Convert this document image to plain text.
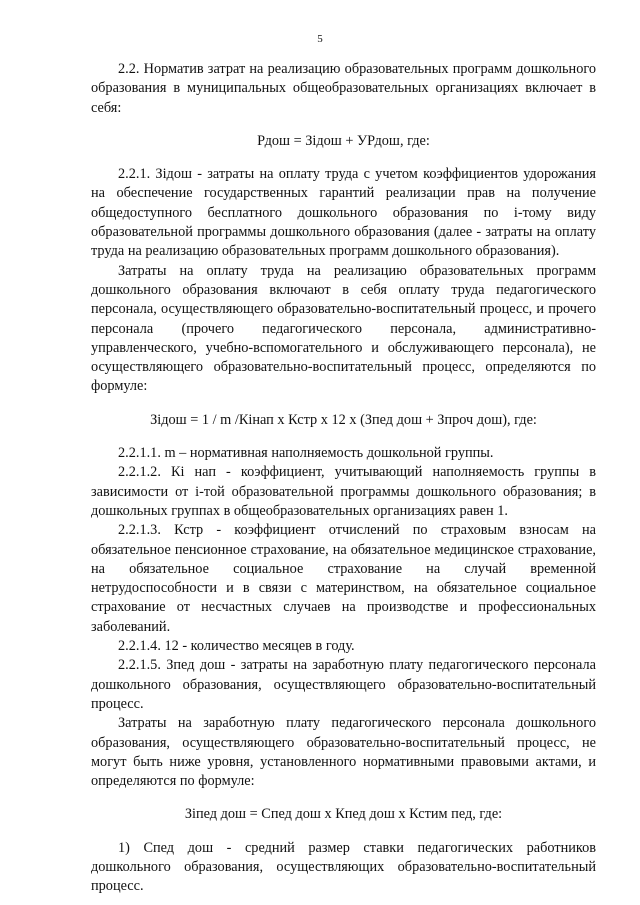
5

2.2. Норматив затрат на реализацию образовательных программ дошкольного образования в муниципальных общеобразовательных организациях включает в себя:

Рдош = Зiдош + УРдош, где:

2.2.1. Зiдош - затраты на оплату труда с учетом коэффициентов удорожания на обеспечение государственных гарантий реализации прав на получение общедоступного бесплатного дошкольного образования по i-тому виду образовательной программы дошкольного образования (далее - затраты на оплату труда на реализацию образовательных программ дошкольного образования).

Затраты на оплату труда на реализацию образовательных программ дошкольного образования включают в себя оплату труда педагогического персонала, осуществляющего образовательно-воспитательный процесс, и прочего персонала (прочего педагогического персонала, административно-управленческого, учебно-вспомогательного и обслуживающего персонала), не осуществляющего образовательно-воспитательный процесс, определяются по формуле:

Зiдош = 1 / m /Кiнап х Кстр х 12 х (Зпед дош + Зпроч дош), где:

2.2.1.1. m – нормативная наполняемость дошкольной группы.

2.2.1.2. Кi нап - коэффициент, учитывающий наполняемость группы в зависимости от i-той образовательной программы дошкольного образования; в дошкольных группах в общеобразовательных организациях равен 1.

2.2.1.3. Кстр - коэффициент отчислений по страховым взносам на обязательное пенсионное страхование, на обязательное медицинское страхование, на обязательное социальное страхование на случай временной нетрудоспособности и в связи с материнством, на обязательное социальное страхование от несчастных случаев на производстве и профессиональных заболеваний.

2.2.1.4. 12 - количество месяцев в году.

2.2.1.5. Зпед дош - затраты на заработную плату педагогического персонала дошкольного образования, осуществляющего образовательно-воспитательный процесс.

Затраты на заработную плату педагогического персонала дошкольного образования, осуществляющего образовательно-воспитательный процесс, не могут быть ниже уровня, установленного нормативными правовыми актами, и определяются по формуле:

Зiпед дош = Спед дош х Кпед дош х Кстим пед, где:

1) Спед дош - средний размер ставки педагогических работников дошкольного образования, осуществляющих образовательно-воспитательный процесс.
